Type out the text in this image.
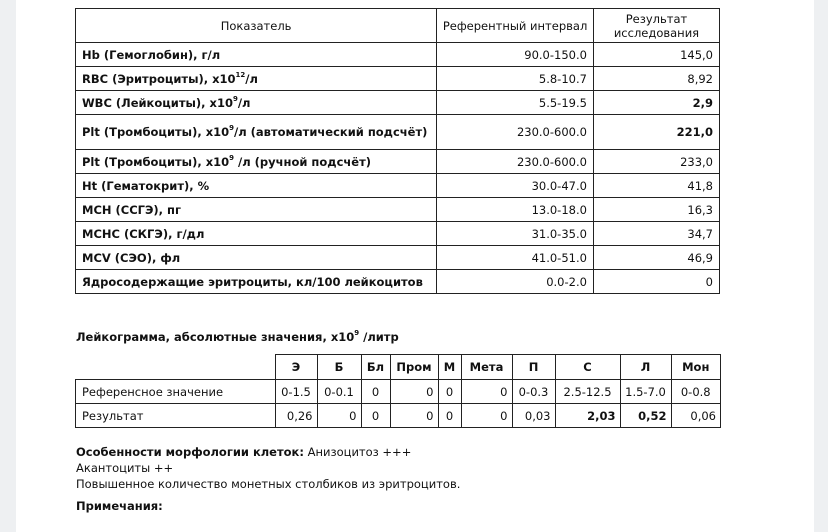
Показатель	Референтный интервал	Результат исследования
Hb (Гемоглобин), г/л	90.0-150.0	145,0
RBC (Эритроциты), $x10^{12}/л$	5.8-10.7	8,92
WBC (Лейкоциты), $x10^9/л$	5.5-19.5	2,9
Plt (Тромбоциты), $x10^9/л$ (автоматический подсчёт)	230.0-600.0	221,0
Plt (Тромбоциты), $x10^9$ /л (ручной подсчёт)	230.0-600.0	233,0
Ht (Гематокрит), %	30.0-47.0	41,8
MCH (ССГЭ), пг	13.0-18.0	16,3
MCHC (СКГЭ), г/дл	31.0-35.0	34,7
MCV (СЭО), фл	41.0-51.0	46,9
Ядросодержащие эритроциты, кл/100 лейкоцитов	0.0-2.0	0
Лейкограмма, абсолютные значения, $x10^9$ /литр
	Э	Б	Бл	Пром	М	Мета	П	С	Л	Мон
Референсное значение	0-1.5	0-0.1	0	0	0	0	0-0.3	2.5-12.5	1.5-7.0	0-0.8
Результат	0,26	0	0	0	0	0	0,03	2,03	0,52	0,06
Особенности морфологии клеток: Анизоцитоз +++
Акантоциты ++
Повышенное количество монетных столбиков из эритроцитов.
Примечания:
